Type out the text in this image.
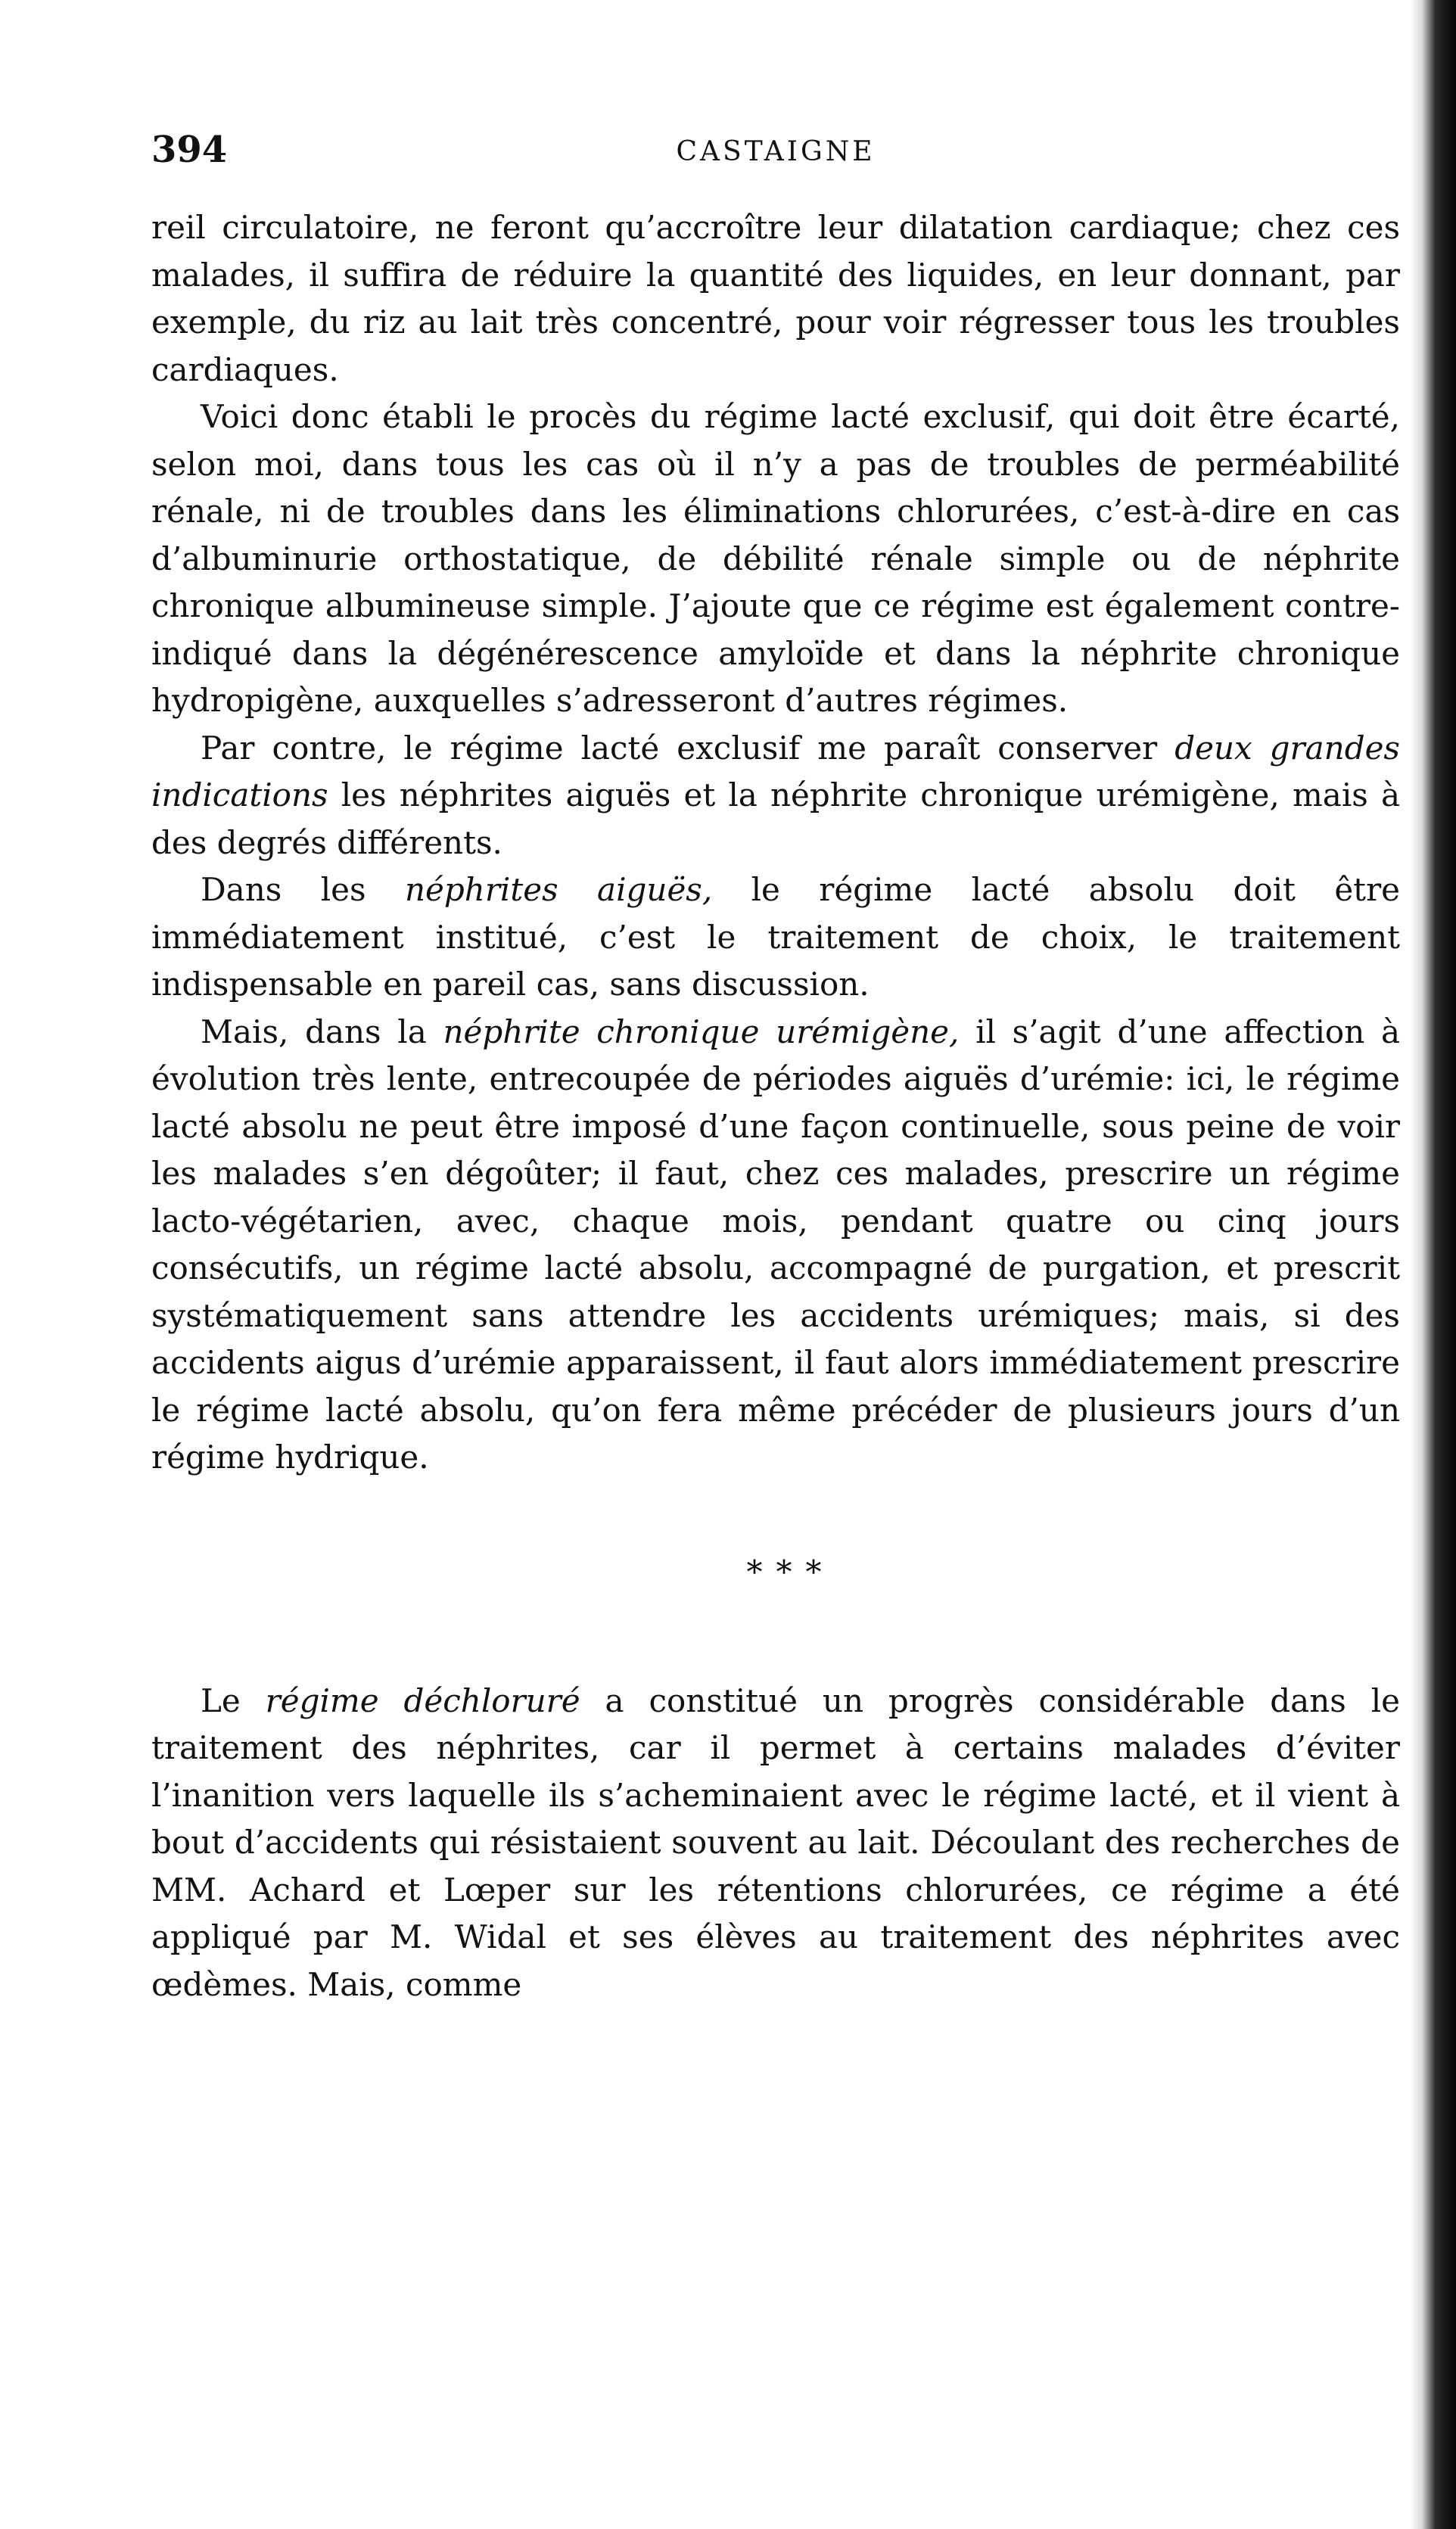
394	CASTAIGNE

reil circulatoire, ne feront qu’accroître leur dilatation cardiaque; chez ces malades, il suffira de réduire la quantité des liquides, en leur donnant, par exemple, du riz au lait très concentré, pour voir régresser tous les troubles cardiaques.

Voici donc établi le procès du régime lacté exclusif, qui doit être écarté, selon moi, dans tous les cas où il n’y a pas de troubles de perméabilité rénale, ni de troubles dans les éliminations chlorurées, c’est-à-dire en cas d’albuminurie orthostatique, de débilité rénale simple ou de néphrite chronique albumineuse simple. J’ajoute que ce régime est également contre-indiqué dans la dégénérescence amyloïde et dans la néphrite chronique hydropigène, auxquelles s’adresseront d’autres régimes.

Par contre, le régime lacté exclusif me paraît conserver deux grandes indications les néphrites aiguës et la néphrite chronique urémigène, mais à des degrés différents.

Dans les néphrites aiguës, le régime lacté absolu doit être immédiatement institué, c’est le traitement de choix, le traitement indispensable en pareil cas, sans discussion.

Mais, dans la néphrite chronique urémigène, il s’agit d’une affection à évolution très lente, entrecoupée de périodes aiguës d’urémie: ici, le régime lacté absolu ne peut être imposé d’une façon continuelle, sous peine de voir les malades s’en dégoûter; il faut, chez ces malades, prescrire un régime lacto-végétarien, avec, chaque mois, pendant quatre ou cinq jours consécutifs, un régime lacté absolu, accompagné de purgation, et prescrit systématiquement sans attendre les accidents urémiques; mais, si des accidents aigus d’urémie apparaissent, il faut alors immédiatement prescrire le régime lacté absolu, qu’on fera même précéder de plusieurs jours d’un régime hydrique.

***

Le régime déchloruré a constitué un progrès considérable dans le traitement des néphrites, car il permet à certains malades d’éviter l’inanition vers laquelle ils s’acheminaient avec le régime lacté, et il vient à bout d’accidents qui résistaient souvent au lait. Découlant des recherches de MM. Achard et Lœper sur les rétentions chlorurées, ce régime a été appliqué par M. Widal et ses élèves au traitement des néphrites avec œdèmes. Mais, comme
